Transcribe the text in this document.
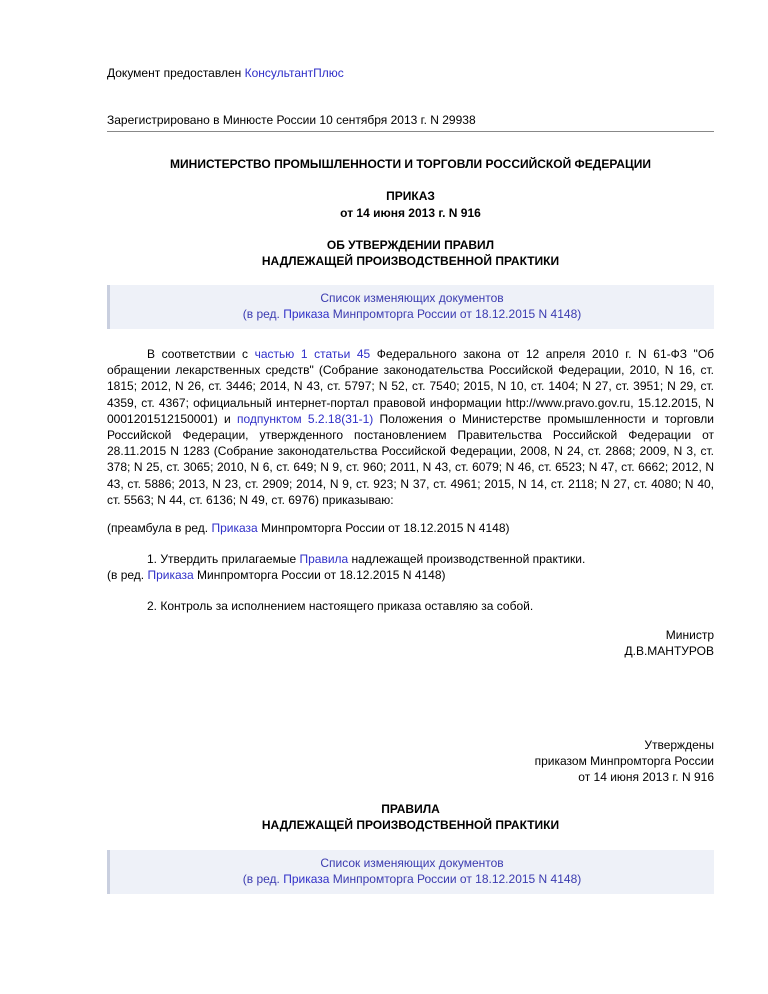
Документ предоставлен КонсультантПлюс
Зарегистрировано в Минюсте России 10 сентября 2013 г. N 29938
МИНИСТЕРСТВО ПРОМЫШЛЕННОСТИ И ТОРГОВЛИ РОССИЙСКОЙ ФЕДЕРАЦИИ
ПРИКАЗ
от 14 июня 2013 г. N 916
ОБ УТВЕРЖДЕНИИ ПРАВИЛ
НАДЛЕЖАЩЕЙ ПРОИЗВОДСТВЕННОЙ ПРАКТИКИ
Список изменяющих документов
(в ред. Приказа Минпромторга России от 18.12.2015 N 4148)
В соответствии с частью 1 статьи 45 Федерального закона от 12 апреля 2010 г. N 61-ФЗ "Об обращении лекарственных средств" (Собрание законодательства Российской Федерации, 2010, N 16, ст. 1815; 2012, N 26, ст. 3446; 2014, N 43, ст. 5797; N 52, ст. 7540; 2015, N 10, ст. 1404; N 27, ст. 3951; N 29, ст. 4359, ст. 4367; официальный интернет-портал правовой информации http://www.pravo.gov.ru, 15.12.2015, N 0001201512150001) и подпунктом 5.2.18(31-1) Положения о Министерстве промышленности и торговли Российской Федерации, утвержденного постановлением Правительства Российской Федерации от 28.11.2015 N 1283 (Собрание законодательства Российской Федерации, 2008, N 24, ст. 2868; 2009, N 3, ст. 378; N 25, ст. 3065; 2010, N 6, ст. 649; N 9, ст. 960; 2011, N 43, ст. 6079; N 46, ст. 6523; N 47, ст. 6662; 2012, N 43, ст. 5886; 2013, N 23, ст. 2909; 2014, N 9, ст. 923; N 37, ст. 4961; 2015, N 14, ст. 2118; N 27, ст. 4080; N 40, ст. 5563; N 44, ст. 6136; N 49, ст. 6976) приказываю:
(преамбула в ред. Приказа Минпромторга России от 18.12.2015 N 4148)
1. Утвердить прилагаемые Правила надлежащей производственной практики.
(в ред. Приказа Минпромторга России от 18.12.2015 N 4148)
2. Контроль за исполнением настоящего приказа оставляю за собой.
Министр
Д.В.МАНТУРОВ
Утверждены
приказом Минпромторга России
от 14 июня 2013 г. N 916
ПРАВИЛА
НАДЛЕЖАЩЕЙ ПРОИЗВОДСТВЕННОЙ ПРАКТИКИ
Список изменяющих документов
(в ред. Приказа Минпромторга России от 18.12.2015 N 4148)
